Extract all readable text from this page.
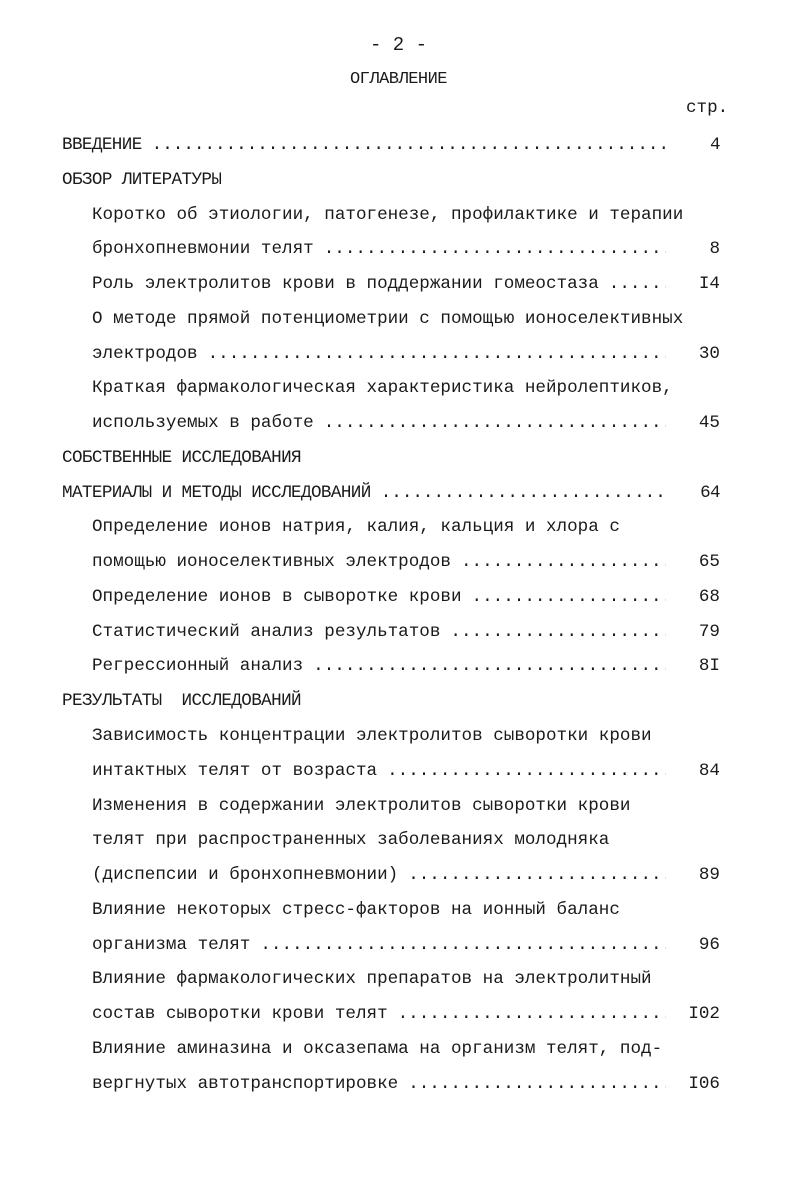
- 2 -
ОГЛАВЛЕНИЕ
стр.
ВВЕДЕНИЕ .....	4
ОБЗОР ЛИТЕРАТУРЫ
Коротко об этиологии, патогенезе, профилактике и терапии
бронхопневмонии телят .....	8
Роль электролитов крови в поддержании гомеостаза .....	I4
О методе прямой потенциометрии с помощью ионоселективных
электродов .....	30
Краткая фармакологическая характеристика нейролептиков,
используемых в работе .....	45
СОБСТВЕННЫЕ ИССЛЕДОВАНИЯ
МАТЕРИАЛЫ И МЕТОДЫ ИССЛЕДОВАНИЙ .....	64
Определение ионов натрия, калия, кальция и хлора с
помощью ионоселективных электродов .....	65
Определение ионов в сыворотке крови .....	68
Статистический анализ результатов .....	79
Регрессионный анализ .....	8I
РЕЗУЛЬТАТЫ  ИССЛЕДОВАНИЙ
Зависимость концентрации электролитов сыворотки крови
интактных телят от возраста .....	84
Изменения в содержании электролитов сыворотки крови
телят при распространенных заболеваниях молодняка
(диспепсии и бронхопневмонии) .....	89
Влияние некоторых стресс-факторов на ионный баланс
организма телят .....	96
Влияние фармакологических препаратов на электролитный
состав сыворотки крови телят .....	I02
Влияние аминазина и оксазепама на организм телят, под-
вергнутых автотранспортировке .....	I06
